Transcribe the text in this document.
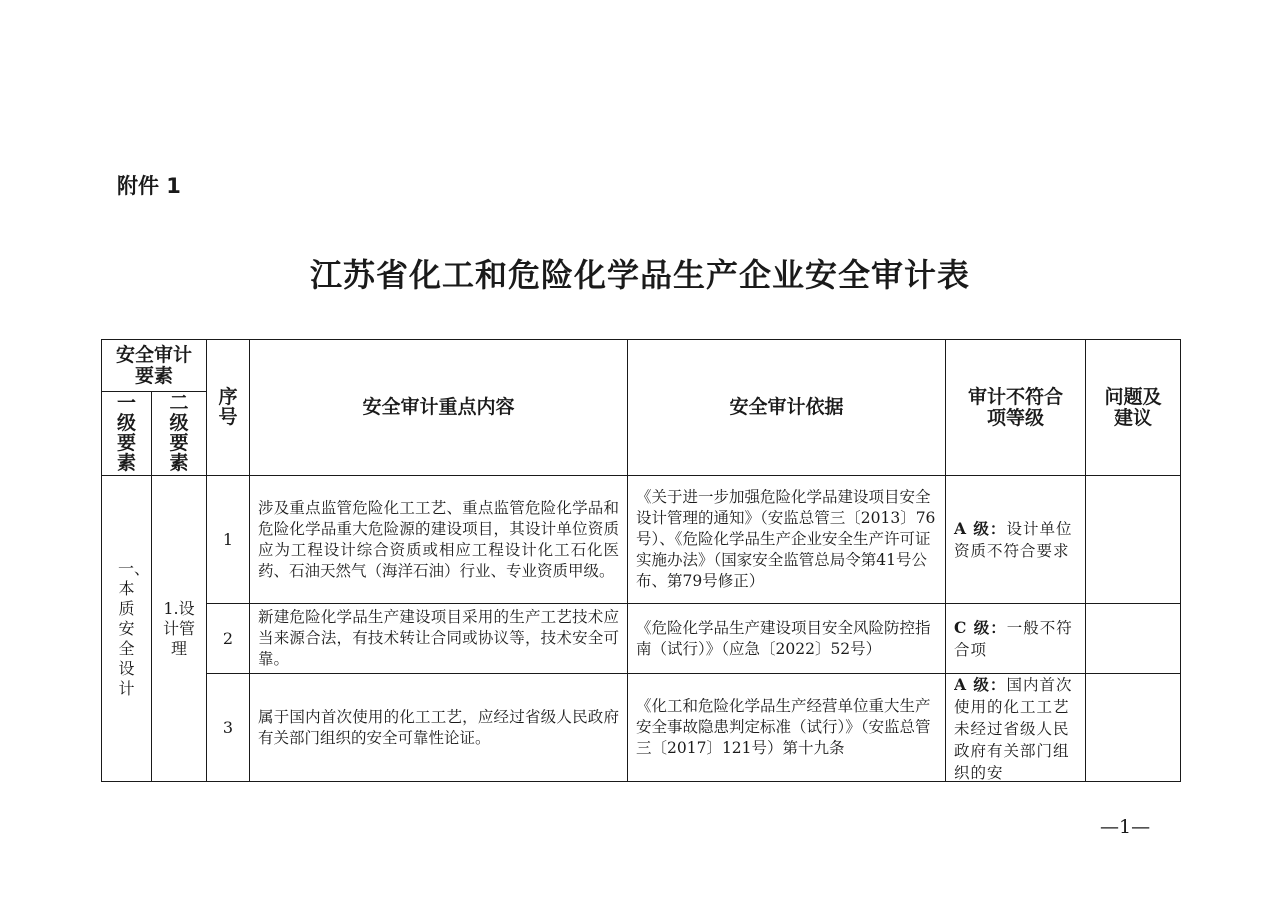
附件 1
江苏省化工和危险化学品生产企业安全审计表
安全审计要素		序号	安全审计重点内容	安全审计依据	审计不符合项等级	问题及建议
一级要素	二级要素					
一、本质安全设计	1.设计管理	1	涉及重点监管危险化工工艺、重点监管危险化学品和危险化学品重大危险源的建设项目，其设计单位资质应为工程设计综合资质或相应工程设计化工石化医药、石油天然气（海洋石油）行业、专业资质甲级。	《关于进一步加强危险化学品建设项目安全设计管理的通知》（安监总管三〔2013〕76号）、《危险化学品生产企业安全生产许可证实施办法》（国家安全监管总局令第41号公布、第79号修正）	A 级：设计单位资质不符合要求	
		2	新建危险化学品生产建设项目采用的生产工艺技术应当来源合法，有技术转让合同或协议等，技术安全可靠。	《危险化学品生产建设项目安全风险防控指南（试行）》（应急〔2022〕52号）	C 级：一般不符合项	
		3	属于国内首次使用的化工工艺，应经过省级人民政府有关部门组织的安全可靠性论证。	《化工和危险化学品生产经营单位重大生产安全事故隐患判定标准（试行）》（安监总管三〔2017〕121号）第十九条	A 级：国内首次使用的化工工艺未经过省级人民政府有关部门组织的安	

—1—
